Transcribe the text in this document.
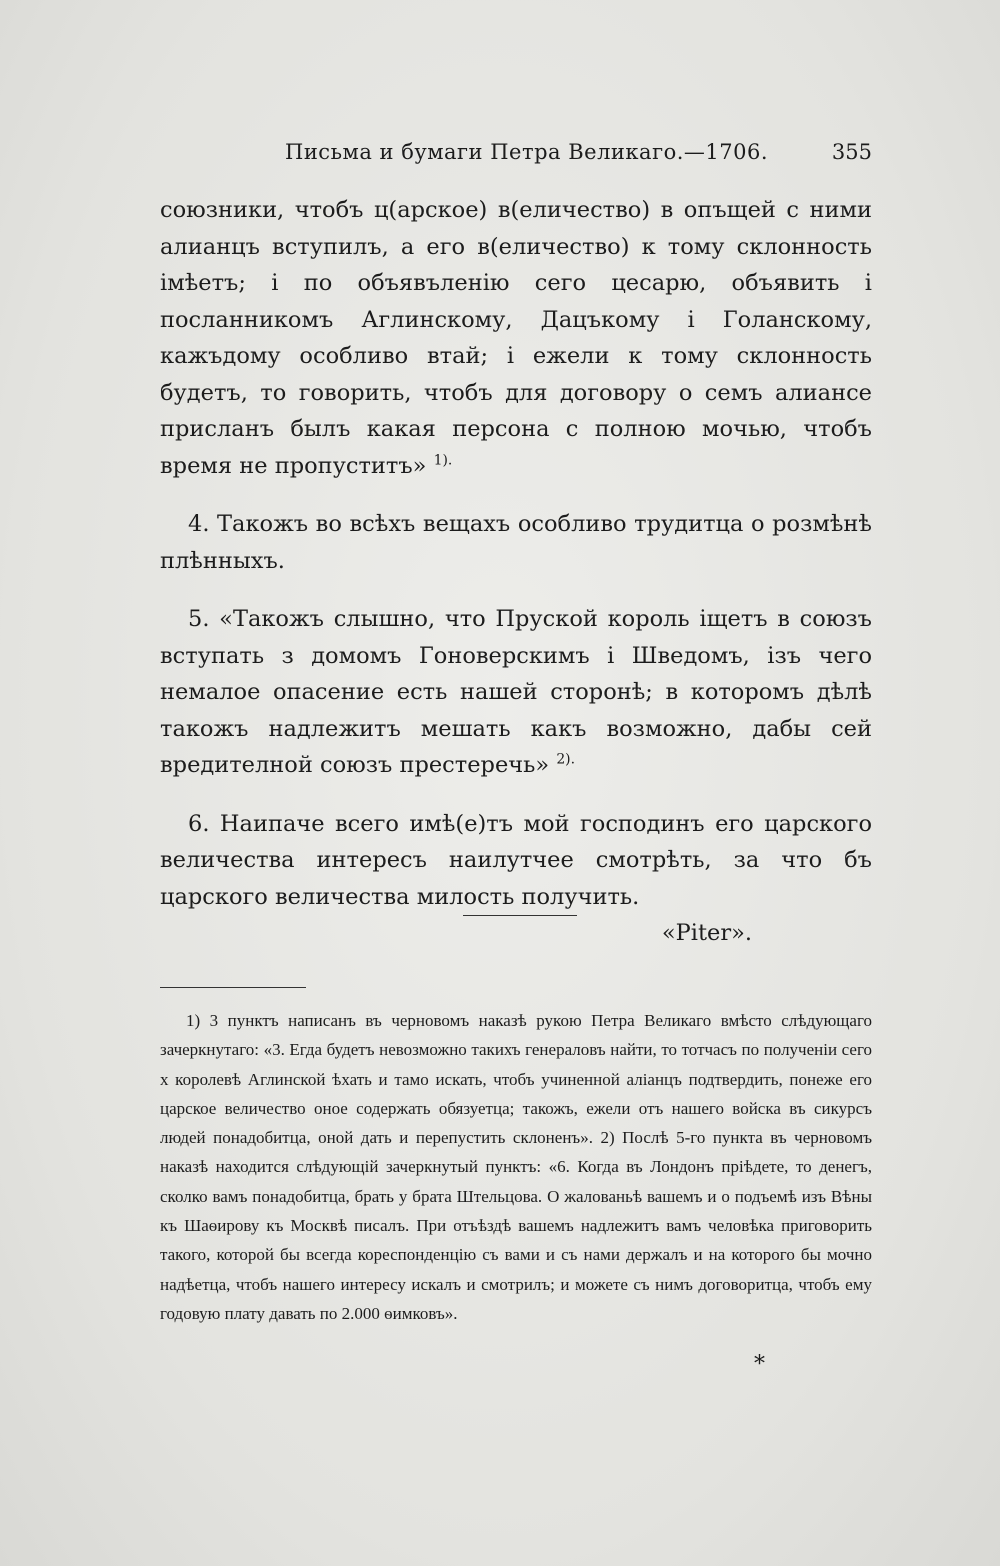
Письма и бумаги Петра Великаго.—1706.	355

союзники, чтобъ ц(арское) в(еличество) в опъщей с ними алианцъ вступилъ, а его в(еличество) к тому склонность імѣетъ; і по объявъленію сего цесарю, объявить і посланникомъ Аглинскому, Дацъкому і Голанскому, кажъдому особливо втай; і ежели к тому склонность будетъ, то говорить, чтобъ для договору о семъ алиансе присланъ былъ какая персона с полною мочью, чтобъ время не пропуститъ» $^{1).}$

4. Такожъ во всѣхъ вещахъ особливо трудитца о розмѣнѣ плѣнныхъ.

5. «Такожъ слышно, что Пруской король іщетъ в союзъ вступать з домомъ Гоноверскимъ і Шведомъ, ізъ чего немалое опасение есть нашей сторонѣ; в которомъ дѣлѣ такожъ надлежитъ мешать какъ возможно, дабы сей вредителной союзъ престеречь» $^{2).}$

6. Наипаче всего имѣ(е)тъ мой господинъ его царского величества интересъ наилутчее смотрѣть, за что бъ царского величества милость получить.

«Piter».

1) 3 пунктъ написанъ въ черновомъ наказѣ рукою Петра Великаго вмѣсто слѣдующаго зачеркнутаго: «3. Егда будетъ невозможно такихъ генераловъ найти, то тотчасъ по полученіи сего х королевѣ Аглинской ѣхать и тамо искать, чтобъ учиненной аліанцъ подтвердить, понеже его царское величество оное содержать обязуетца; такожъ, ежели отъ нашего войска въ сикурсъ людей понадобитца, оной дать и перепустить склоненъ». 2) Послѣ 5-го пункта въ черновомъ наказѣ находится слѣдующій зачеркнутый пунктъ: «6. Когда въ Лондонъ пріѣдете, то денегъ, сколко вамъ понадобитца, брать у брата Штельцова. О жалованьѣ вашемъ и о подъемѣ изъ Вѣны къ Шаѳирову къ Москвѣ писалъ. При отъѣздѣ вашемъ надлежитъ вамъ человѣка приговорить такого, которой бы всегда кореспонденцію съ вами и съ нами держалъ и на которого бы мочно надѣетца, чтобъ нашего интересу искалъ и смотрилъ; и можете съ нимъ договоритца, чтобъ ему годовую плату давать по 2.000 ѳимковъ».
*
